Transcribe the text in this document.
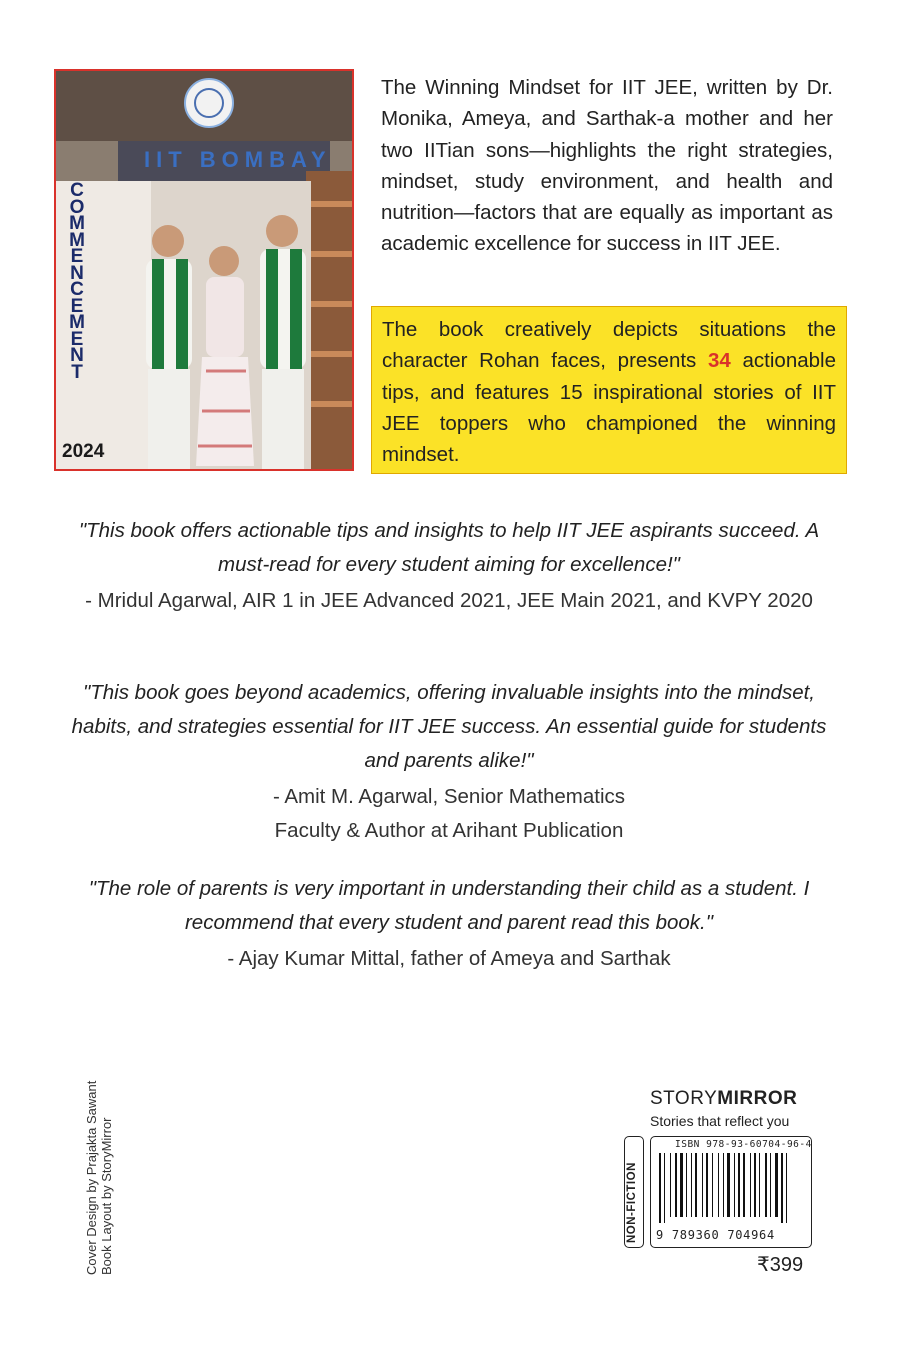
IIT BOMBAY
COMMENCEMENT
2024
The Winning Mindset for IIT JEE, written by Dr. Monika, Ameya, and Sarthak-a mother and her two IITian sons—highlights the right strategies, mindset, study environment, and health and nutrition—factors that are equally as important as academic excellence for success in IIT JEE.
The book creatively depicts situations the character Rohan faces, presents 34 actionable tips, and features 15 inspirational stories of IIT JEE toppers who championed the winning mindset.
"This book offers actionable tips and insights to help IIT JEE aspirants succeed. A must-read for every student aiming for excellence!"
- Mridul Agarwal, AIR 1 in JEE Advanced 2021, JEE Main 2021, and KVPY 2020
"This book goes beyond academics, offering invaluable insights into the mindset, habits, and strategies essential for IIT JEE success. An essential guide for students and parents alike!"
- Amit M. Agarwal, Senior Mathematics Faculty & Author at Arihant Publication
"The role of parents is very important in understanding their child as a student. I recommend that every student and parent read this book."
- Ajay Kumar Mittal, father of Ameya and Sarthak
Cover Design by Prajakta Sawant Book Layout by StoryMirror
STORYMIRROR
Stories that reflect you
NON-FICTION
ISBN 978-93-60704-96-4
9 789360 704964
₹399
